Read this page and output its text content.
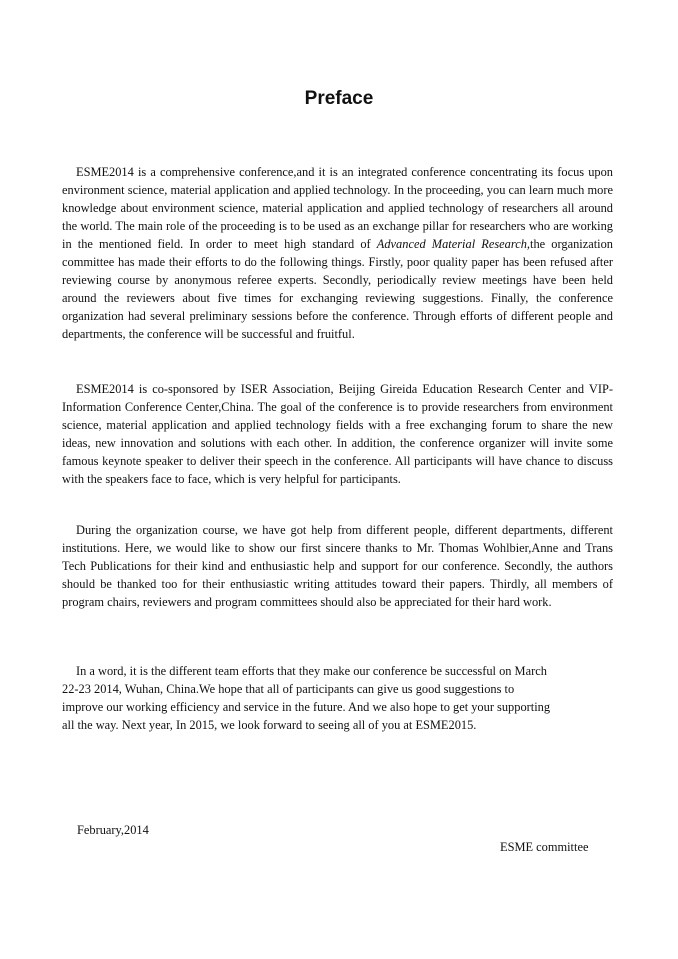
Preface

ESME2014 is a comprehensive conference,and it is an integrated conference concentrating its focus upon environment science, material application and applied technology. In the proceeding, you can learn much more knowledge about environment science, material application and applied technology of researchers all around the world. The main role of the proceeding is to be used as an exchange pillar for researchers who are working in the mentioned field. In order to meet high standard of Advanced Material Research,the organization committee has made their efforts to do the following things. Firstly, poor quality paper has been refused after reviewing course by anonymous referee experts. Secondly, periodically review meetings have been held around the reviewers about five times for exchanging reviewing suggestions. Finally, the conference organization had several preliminary sessions before the conference. Through efforts of different people and departments, the conference will be successful and fruitful.

ESME2014 is co-sponsored by ISER Association, Beijing Gireida Education Research Center and VIP-Information Conference Center,China. The goal of the conference is to provide researchers from environment science, material application and applied technology fields with a free exchanging forum to share the new ideas, new innovation and solutions with each other. In addition, the conference organizer will invite some famous keynote speaker to deliver their speech in the conference. All participants will have chance to discuss with the speakers face to face, which is very helpful for participants.

During the organization course, we have got help from different people, different departments, different institutions. Here, we would like to show our first sincere thanks to Mr. Thomas Wohlbier,Anne and Trans Tech Publications for their kind and enthusiastic help and support for our conference. Secondly, the authors should be thanked too for their enthusiastic writing attitudes toward their papers. Thirdly, all members of program chairs, reviewers and program committees should also be appreciated for their hard work.

In a word, it is the different team efforts that they make our conference be successful on March
22-23 2014, Wuhan, China.We hope that all of participants can give us good suggestions to
improve our working efficiency and service in the future. And we also hope to get your supporting
all the way. Next year, In 2015, we look forward to seeing all of you at ESME2015.

February,2014
ESME committee
